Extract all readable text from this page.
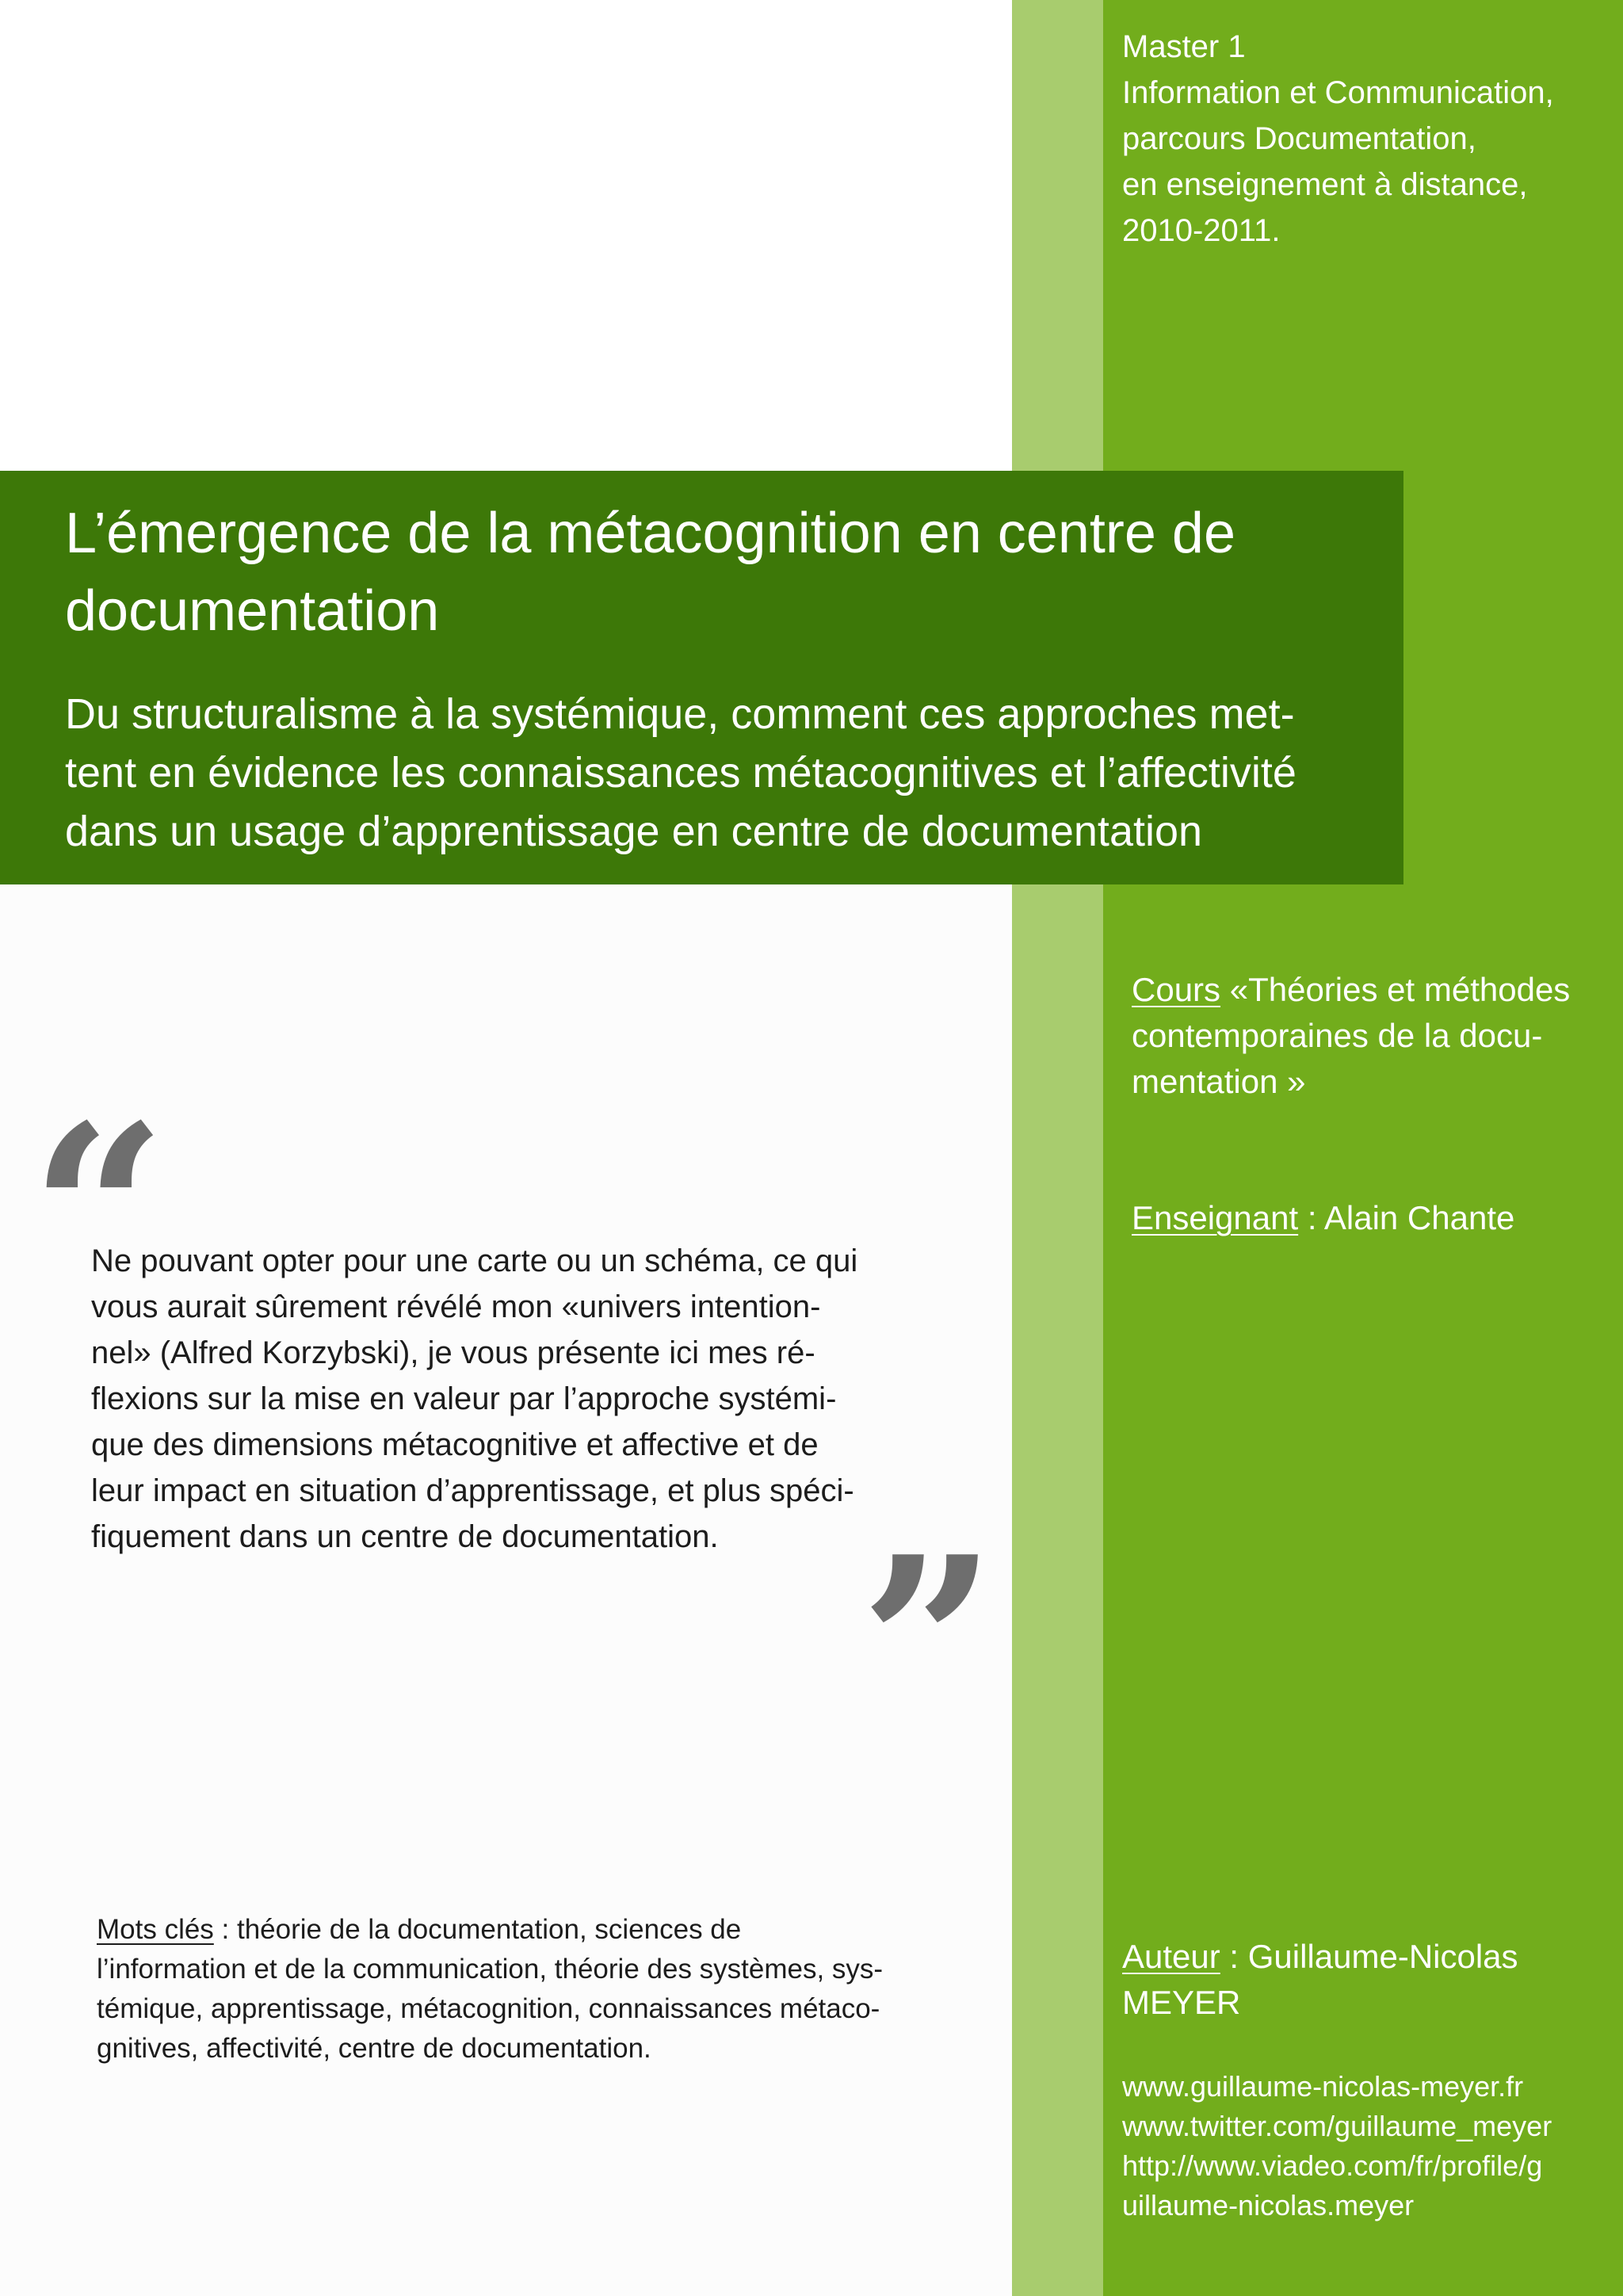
Master 1
Information et Communication,
parcours Documentation,
en enseignement à distance,
2010-2011.
L’émergence de la métacognition en centre de
documentation
Du structuralisme à la systémique, comment ces approches met-
tent en évidence les connaissances métacognitives et l’affectivité
dans un usage d’apprentissage en centre de documentation
Cours «Théories et méthodes
contemporaines de la docu-
mentation »
Enseignant : Alain Chante
“
Ne pouvant opter pour une carte ou un schéma, ce qui
vous aurait sûrement révélé mon «univers intention-
nel» (Alfred Korzybski), je vous présente ici mes ré-
flexions sur la mise en valeur par l’approche systémi-
que des dimensions métacognitive et affective et de
leur impact en situation d’apprentissage, et plus spéci-
fiquement dans un centre de documentation. ”
Mots clés : théorie de la documentation, sciences de
l’information et de la communication, théorie des systèmes, sys-
témique, apprentissage, métacognition, connaissances métaco-
gnitives, affectivité, centre de documentation.
Auteur : Guillaume-Nicolas
MEYER
www.guillaume-nicolas-meyer.fr
www.twitter.com/guillaume_meyer
http://www.viadeo.com/fr/profile/g
uillaume-nicolas.meyer
